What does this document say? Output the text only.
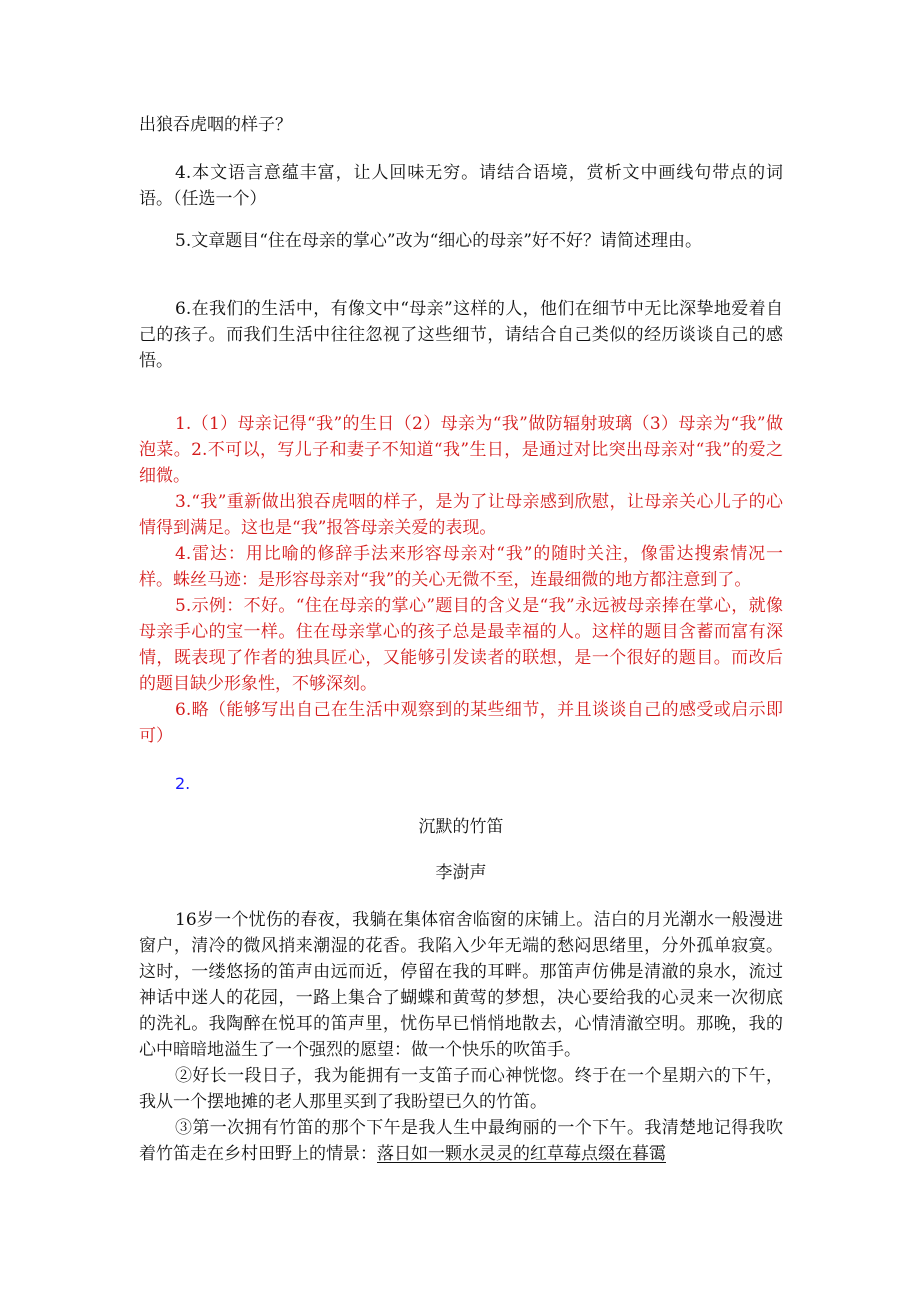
出狼吞虎咽的样子？

4.本文语言意蕴丰富，让人回味无穷。请结合语境，赏析文中画线句带点的词语。（任选一个）

5.文章题目“住在母亲的掌心”改为“细心的母亲”好不好？请简述理由。

6.在我们的生活中，有像文中“母亲”这样的人，他们在细节中无比深挚地爱着自己的孩子。而我们生活中往往忽视了这些细节，请结合自己类似的经历谈谈自己的感悟。

1.（1）母亲记得“我”的生日（2）母亲为“我”做防辐射玻璃（3）母亲为“我”做泡菜。2.不可以，写儿子和妻子不知道“我”生日，是通过对比突出母亲对“我”的爱之细微。

3.“我”重新做出狼吞虎咽的样子，是为了让母亲感到欣慰，让母亲关心儿子的心情得到满足。这也是“我”报答母亲关爱的表现。

4.雷达：用比喻的修辞手法来形容母亲对“我”的随时关注，像雷达搜索情况一样。蛛丝马迹：是形容母亲对“我”的关心无微不至，连最细微的地方都注意到了。

5.示例：不好。“住在母亲的掌心”题目的含义是“我”永远被母亲捧在掌心，就像母亲手心的宝一样。住在母亲掌心的孩子总是最幸福的人。这样的题目含蓄而富有深情，既表现了作者的独具匠心，又能够引发读者的联想，是一个很好的题目。而改后的题目缺少形象性，不够深刻。

6.略（能够写出自己在生活中观察到的某些细节，并且谈谈自己的感受或启示即可）

2.

沉默的竹笛

李澍声

16岁一个忧伤的春夜，我躺在集体宿舍临窗的床铺上。洁白的月光潮水一般漫进窗户，清冷的微风捎来潮湿的花香。我陷入少年无端的愁闷思绪里，分外孤单寂寞。这时，一缕悠扬的笛声由远而近，停留在我的耳畔。那笛声仿佛是清澈的泉水，流过神话中迷人的花园，一路上集合了蝴蝶和黄莺的梦想，决心要给我的心灵来一次彻底的洗礼。我陶醉在悦耳的笛声里，忧伤早已悄悄地散去，心情清澈空明。那晚，我的心中暗暗地溢生了一个强烈的愿望：做一个快乐的吹笛手。

②好长一段日子，我为能拥有一支笛子而心神恍惚。终于在一个星期六的下午，我从一个摆地摊的老人那里买到了我盼望已久的竹笛。

③第一次拥有竹笛的那个下午是我人生中最绚丽的一个下午。我清楚地记得我吹着竹笛走在乡村田野上的情景：落日如一颗水灵灵的红草莓点缀在暮霭
